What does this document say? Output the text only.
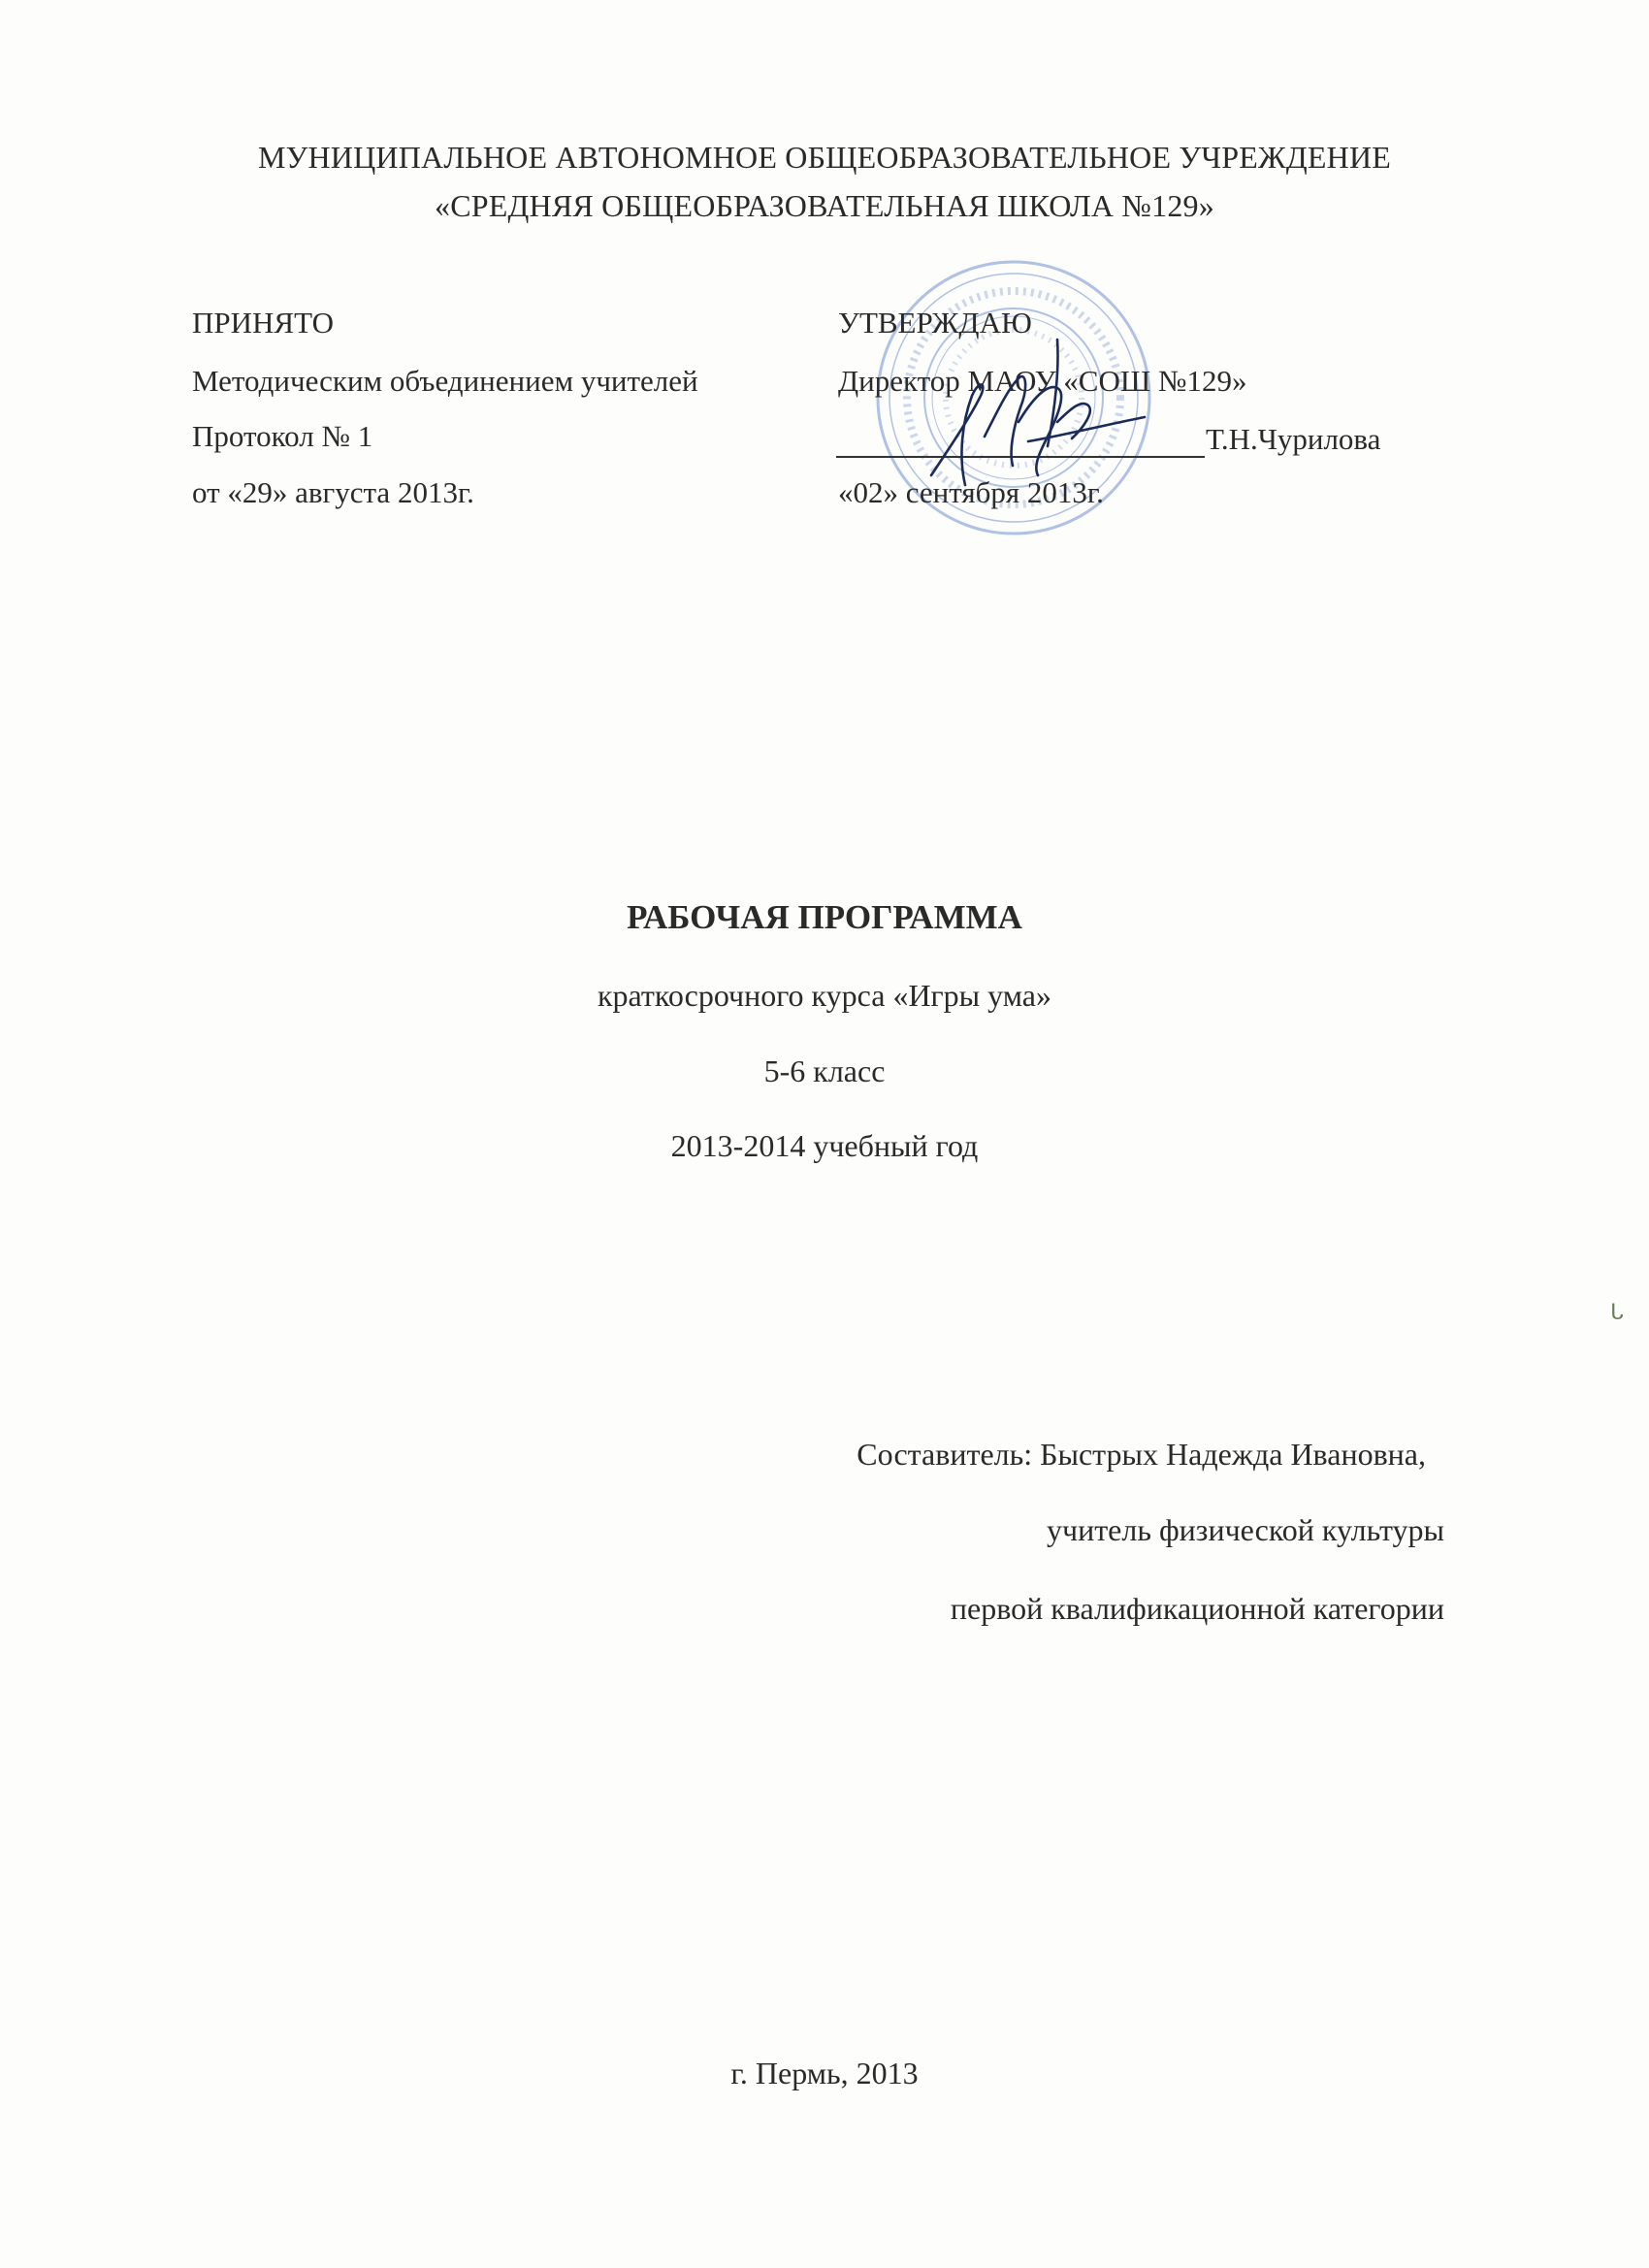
МУНИЦИПАЛЬНОЕ АВТОНОМНОЕ ОБЩЕОБРАЗОВАТЕЛЬНОЕ УЧРЕЖДЕНИЕ
«СРЕДНЯЯ ОБЩЕОБРАЗОВАТЕЛЬНАЯ ШКОЛА №129»
ПРИНЯТО
Методическим объединением учителей
Протокол № 1
от «29» августа 2013г.
УТВЕРЖДАЮ
Директор МАОУ «СОШ №129»
Т.Н.Чурилова
«02» сентября 2013г.
РАБОЧАЯ ПРОГРАММА
краткосрочного курса «Игры ума»
5-6 класс
2013-2014 учебный год
Составитель: Быстрых Надежда Ивановна,
учитель физической культуры
первой квалификационной категории
г. Пермь, 2013
ᒐ
